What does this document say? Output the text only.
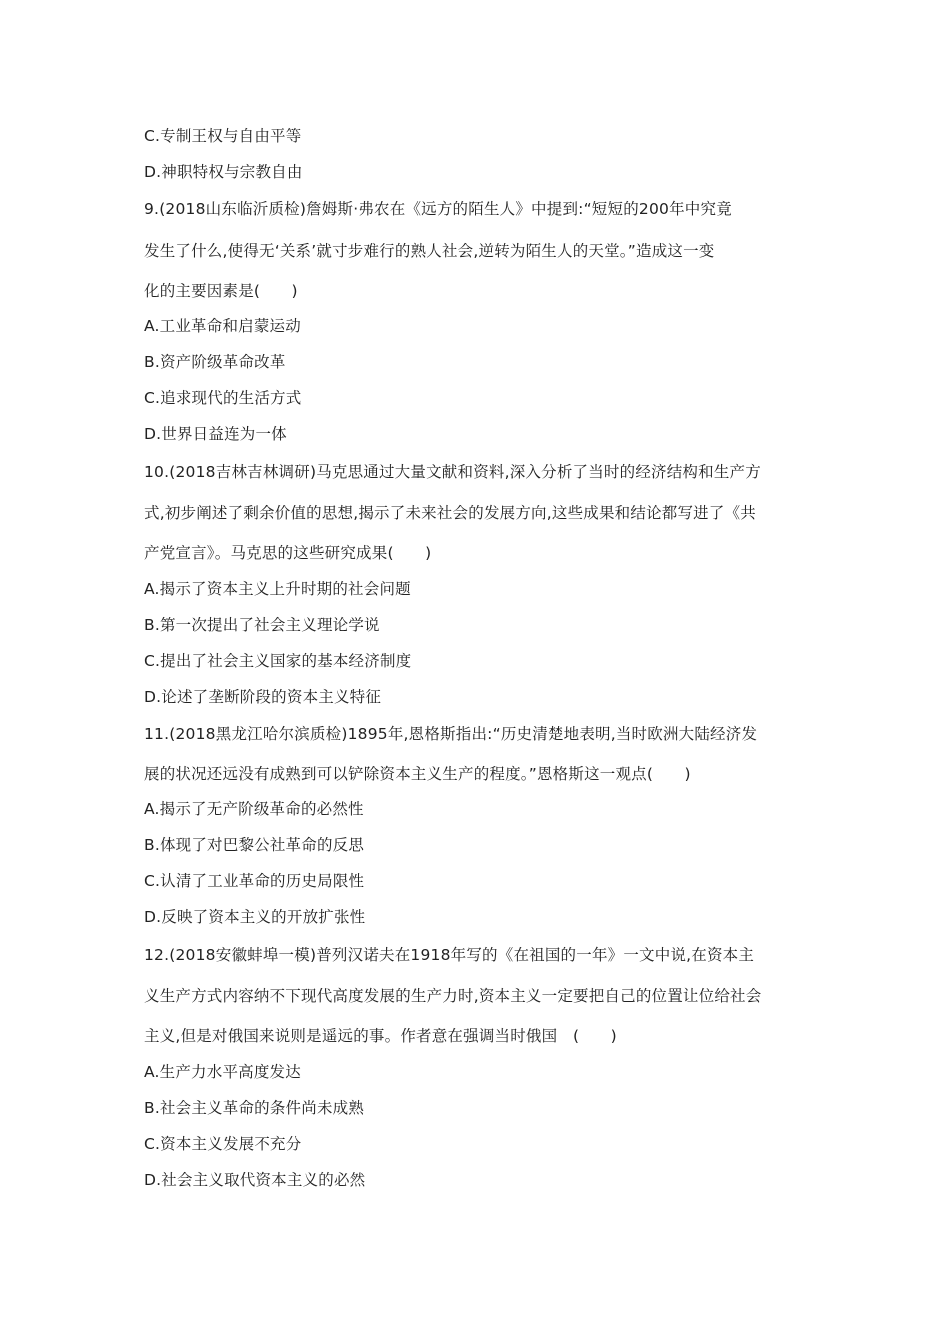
C.专制王权与自由平等
D.神职特权与宗教自由
9.(2018山东临沂质检)詹姆斯·弗农在《远方的陌生人》中提到:“短短的200年中究竟
发生了什么,使得无‘关系’就寸步难行的熟人社会,逆转为陌生人的天堂。”造成这一变
化的主要因素是(　　)
A.工业革命和启蒙运动
B.资产阶级革命改革
C.追求现代的生活方式
D.世界日益连为一体
10.(2018吉林吉林调研)马克思通过大量文献和资料,深入分析了当时的经济结构和生产方
式,初步阐述了剩余价值的思想,揭示了未来社会的发展方向,这些成果和结论都写进了《共
产党宣言》。马克思的这些研究成果(　　)
A.揭示了资本主义上升时期的社会问题
B.第一次提出了社会主义理论学说
C.提出了社会主义国家的基本经济制度
D.论述了垄断阶段的资本主义特征
11.(2018黑龙江哈尔滨质检)1895年,恩格斯指出:“历史清楚地表明,当时欧洲大陆经济发
展的状况还远没有成熟到可以铲除资本主义生产的程度。”恩格斯这一观点(　　)
A.揭示了无产阶级革命的必然性
B.体现了对巴黎公社革命的反思
C.认清了工业革命的历史局限性
D.反映了资本主义的开放扩张性
12.(2018安徽蚌埠一模)普列汉诺夫在1918年写的《在祖国的一年》一文中说,在资本主
义生产方式内容纳不下现代高度发展的生产力时,资本主义一定要把自己的位置让位给社会
主义,但是对俄国来说则是遥远的事。作者意在强调当时俄国　(　　)
A.生产力水平高度发达
B.社会主义革命的条件尚未成熟
C.资本主义发展不充分
D.社会主义取代资本主义的必然
